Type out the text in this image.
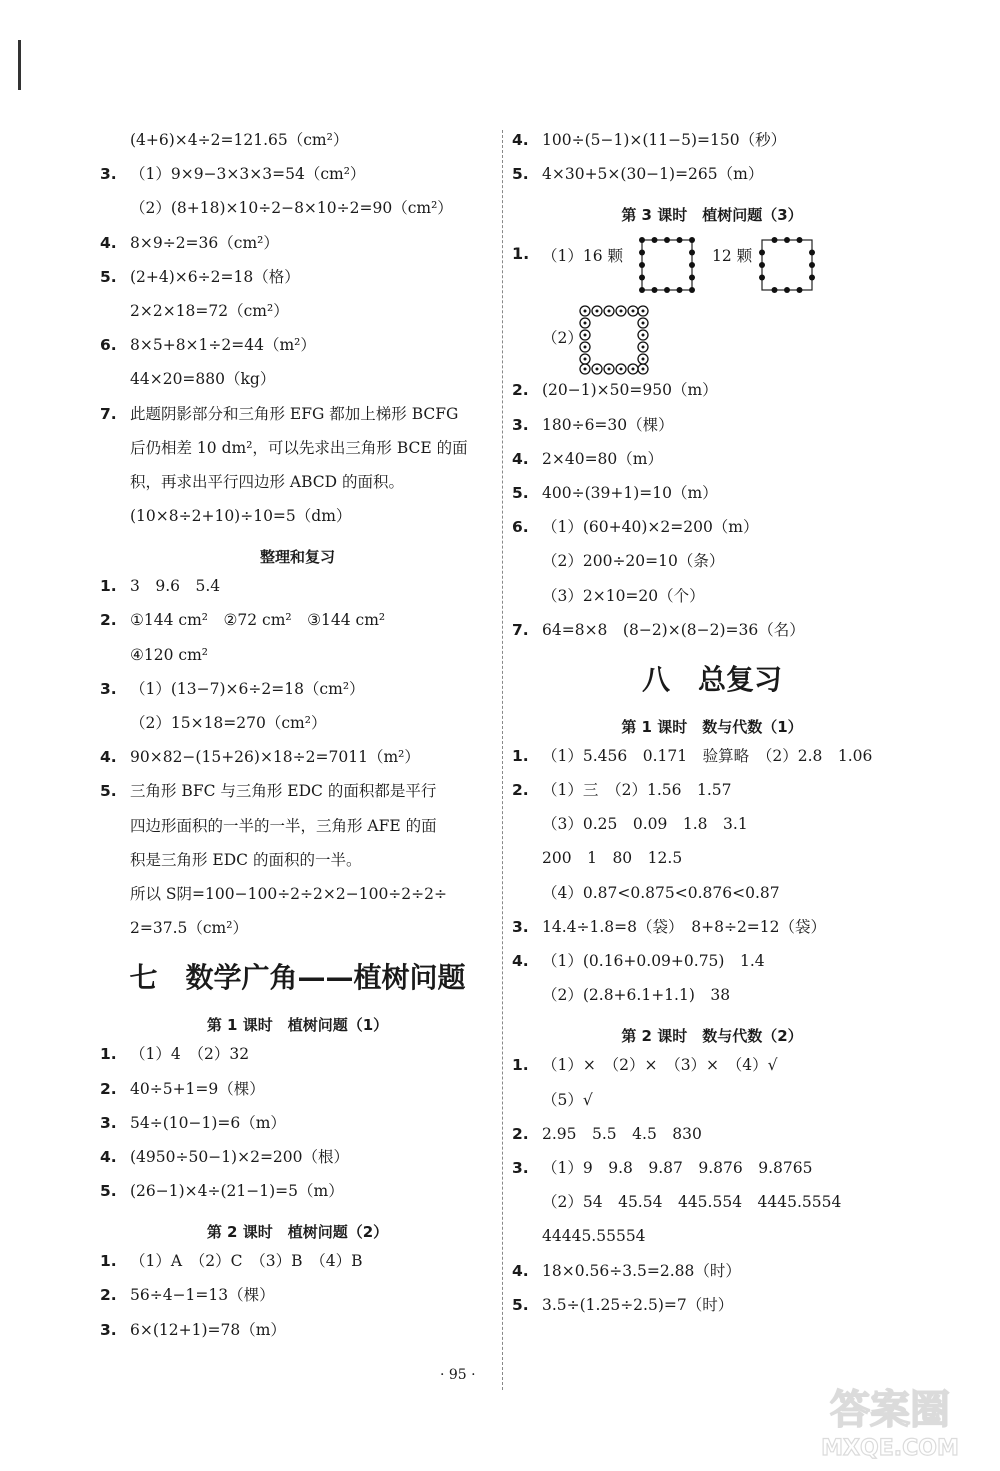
(4+6)×4÷2=121.65（cm²）
3. （1）9×9−3×3×3=54（cm²）
（2）(8+18)×10÷2−8×10÷2=90（cm²）
4. 8×9÷2=36（cm²）
5. (2+4)×6÷2=18（格）
2×2×18=72（cm²）
6. 8×5+8×1÷2=44（m²）
44×20=880（kg）
7. 此题阴影部分和三角形 EFG 都加上梯形 BCFG
后仍相差 10 dm²，可以先求出三角形 BCE 的面
积，再求出平行四边形 ABCD 的面积。
(10×8÷2+10)÷10=5（dm）
整理和复习
1. 3　9.6　5.4
2. ①144 cm²　②72 cm²　③144 cm²
④120 cm²
3. （1）(13−7)×6÷2=18（cm²）
（2）15×18=270（cm²）
4. 90×82−(15+26)×18÷2=7011（m²）
5. 三角形 BFC 与三角形 EDC 的面积都是平行
四边形面积的一半的一半，三角形 AFE 的面
积是三角形 EDC 的面积的一半。
所以 S阴=100−100÷2÷2×2−100÷2÷2÷
2=37.5（cm²）
七　数学广角——植树问题
第 1 课时　植树问题（1）
1. （1）4　（2）32
2. 40÷5+1=9（棵）
3. 54÷(10−1)=6（m）
4. (4950÷50−1)×2=200（根）
5. (26−1)×4÷(21−1)=5（m）
第 2 课时　植树问题（2）
1. （1）A　（2）C　（3）B　（4）B
2. 56÷4−1=13（棵）
3. 6×(12+1)=78（m）
4. 100÷(5−1)×(11−5)=150（秒）
5. 4×30+5×(30−1)=265（m）
第 3 课时　植树问题（3）
1. （1）16 颗	12 颗
（2）
2. (20−1)×50=950（m）
3. 180÷6=30（棵）
4. 2×40=80（m）
5. 400÷(39+1)=10（m）
6. （1）(60+40)×2=200（m）
（2）200÷20=10（条）
（3）2×10=20（个）
7. 64=8×8　(8−2)×(8−2)=36（名）
八　总复习
第 1 课时　数与代数（1）
1. （1）5.456　0.171　验算略　（2）2.8　1.06
2. （1）三　（2）1.56　1.57
（3）0.25　0.09　1.8　3.1
200　1　80　12.5
（4）0.87<0.875<0.876<0.87
3. 14.4÷1.8=8（袋）　8+8÷2=12（袋）
4. （1）(0.16+0.09+0.75)　1.4
（2）(2.8+6.1+1.1)　38
第 2 课时　数与代数（2）
1. （1）×　（2）×　（3）×　（4）√
（5）√
2. 2.95　5.5　4.5　830
3. （1）9　9.8　9.87　9.876　9.8765
（2）54　45.54　445.554　4445.5554
44445.55554
4. 18×0.56÷3.5=2.88（时）
5. 3.5÷(1.25÷2.5)=7（时）
· 95 ·
答案圈
MXQE.COM
